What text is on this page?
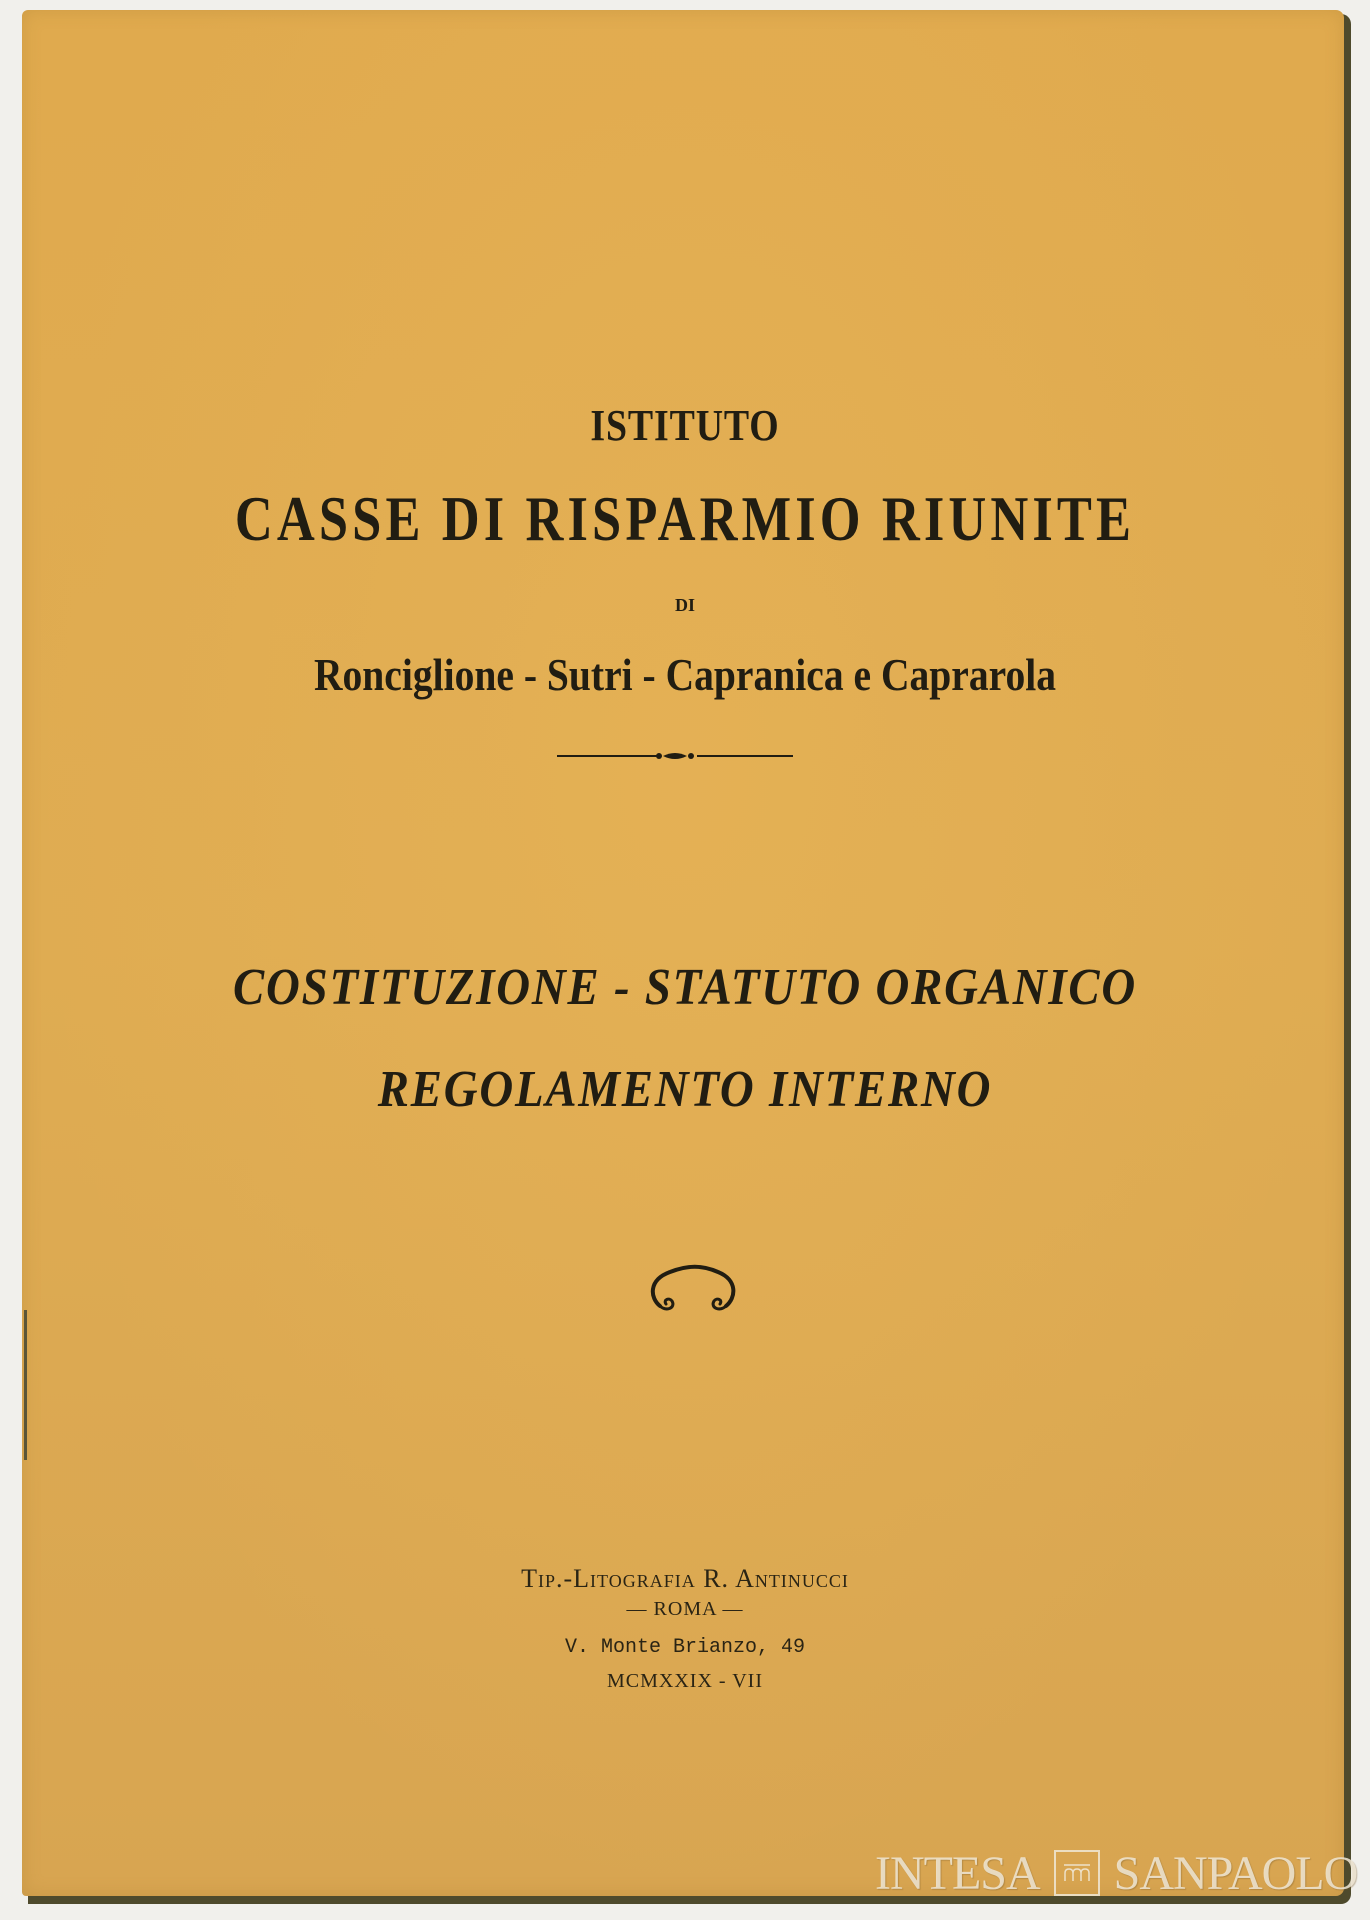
ISTITUTO
CASSE DI RISPARMIO RIUNITE
DI
Ronciglione - Sutri - Capranica e Caprarola
COSTITUZIONE - STATUTO ORGANICO
REGOLAMENTO INTERNO
Tip.-Litografia R. Antinucci
— ROMA —
V. Monte Brianzo, 49
MCMXXIX - VII
INTESA SANPAOLO
